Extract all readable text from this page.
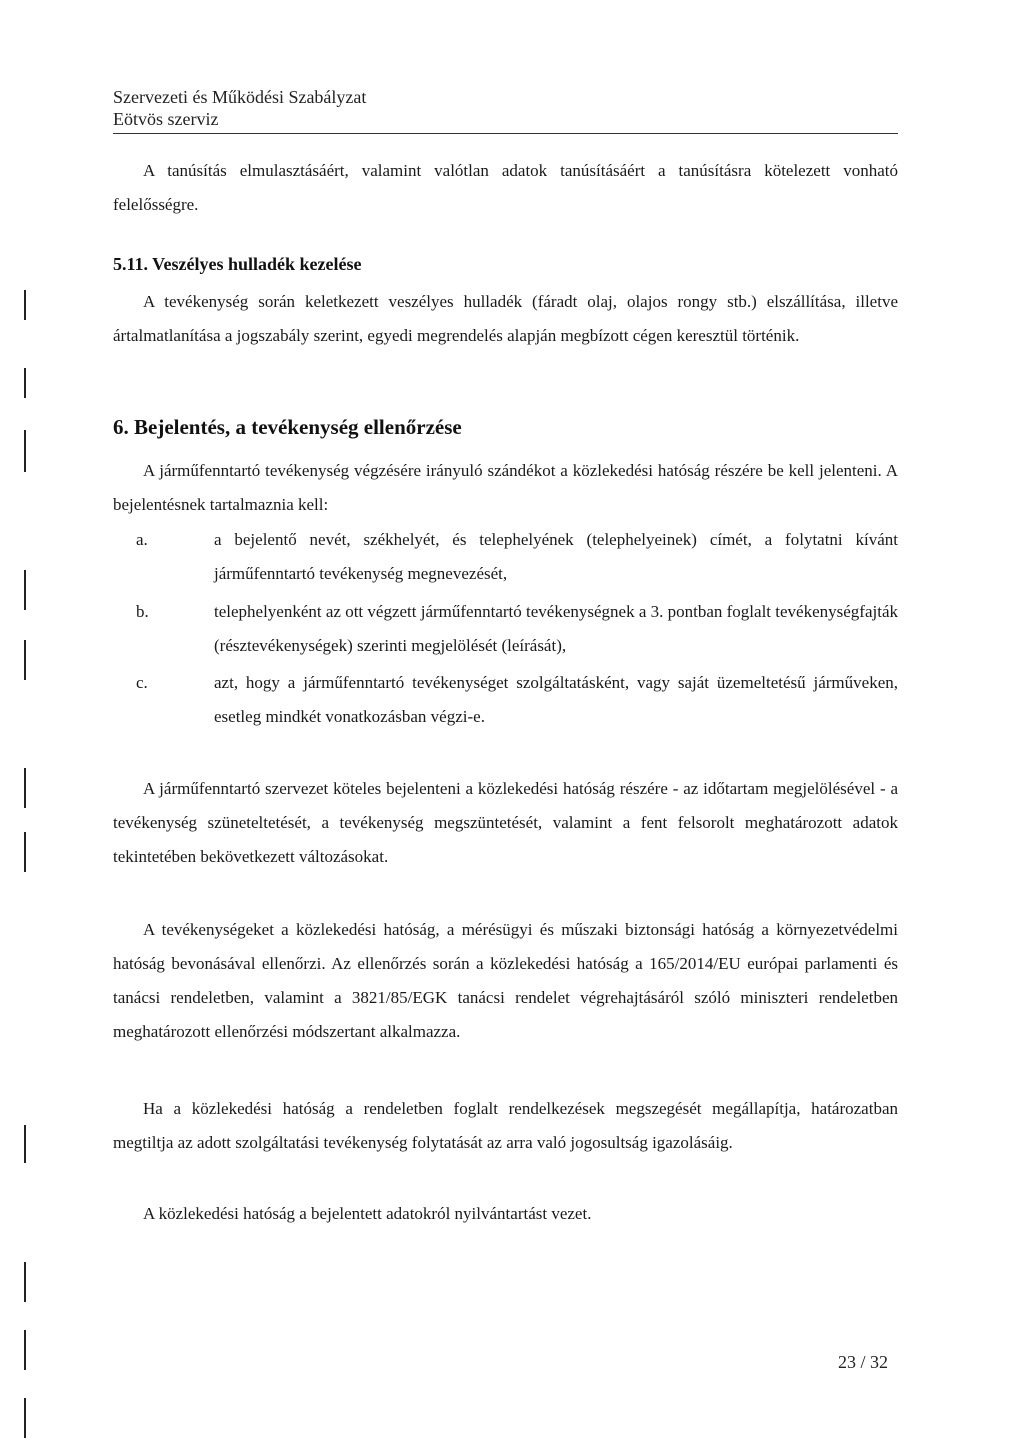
Szervezeti és Működési Szabályzat
Eötvös szerviz
A tanúsítás elmulasztásáért, valamint valótlan adatok tanúsításáért a tanúsításra kötelezett vonható felelősségre.
5.11. Veszélyes hulladék kezelése
A tevékenység során keletkezett veszélyes hulladék (fáradt olaj, olajos rongy stb.) elszállítása, illetve ártalmatlanítása a jogszabály szerint, egyedi megrendelés alapján megbízott cégen keresztül történik.
6. Bejelentés, a tevékenység ellenőrzése
A járműfenntartó tevékenység végzésére irányuló szándékot a közlekedési hatóság részére be kell jelenteni. A bejelentésnek tartalmaznia kell:
a.	a bejelentő nevét, székhelyét, és telephelyének (telephelyeinek) címét, a folytatni kívánt járműfenntartó tevékenység megnevezését,
b.	telephelyenként az ott végzett járműfenntartó tevékenységnek a 3. pontban foglalt tevékenységfajták (résztevékenységek) szerinti megjelölését (leírását),
c.	azt, hogy a járműfenntartó tevékenységet szolgáltatásként, vagy saját üzemeltetésű járműveken, esetleg mindkét vonatkozásban végzi-e.
A járműfenntartó szervezet köteles bejelenteni a közlekedési hatóság részére - az időtartam megjelölésével - a tevékenység szüneteltetését, a tevékenység megszüntetését, valamint a fent felsorolt meghatározott adatok tekintetében bekövetkezett változásokat.
A tevékenységeket a közlekedési hatóság, a mérésügyi és műszaki biztonsági hatóság a környezetvédelmi hatóság bevonásával ellenőrzi. Az ellenőrzés során a közlekedési hatóság a 165/2014/EU európai parlamenti és tanácsi rendeletben, valamint a 3821/85/EGK tanácsi rendelet végrehajtásáról szóló miniszteri rendeletben meghatározott ellenőrzési módszertant alkalmazza.
Ha a közlekedési hatóság a rendeletben foglalt rendelkezések megszegését megállapítja, határozatban megtiltja az adott szolgáltatási tevékenység folytatását az arra való jogosultság igazolásáig.
A közlekedési hatóság a bejelentett adatokról nyilvántartást vezet.
23 / 32
